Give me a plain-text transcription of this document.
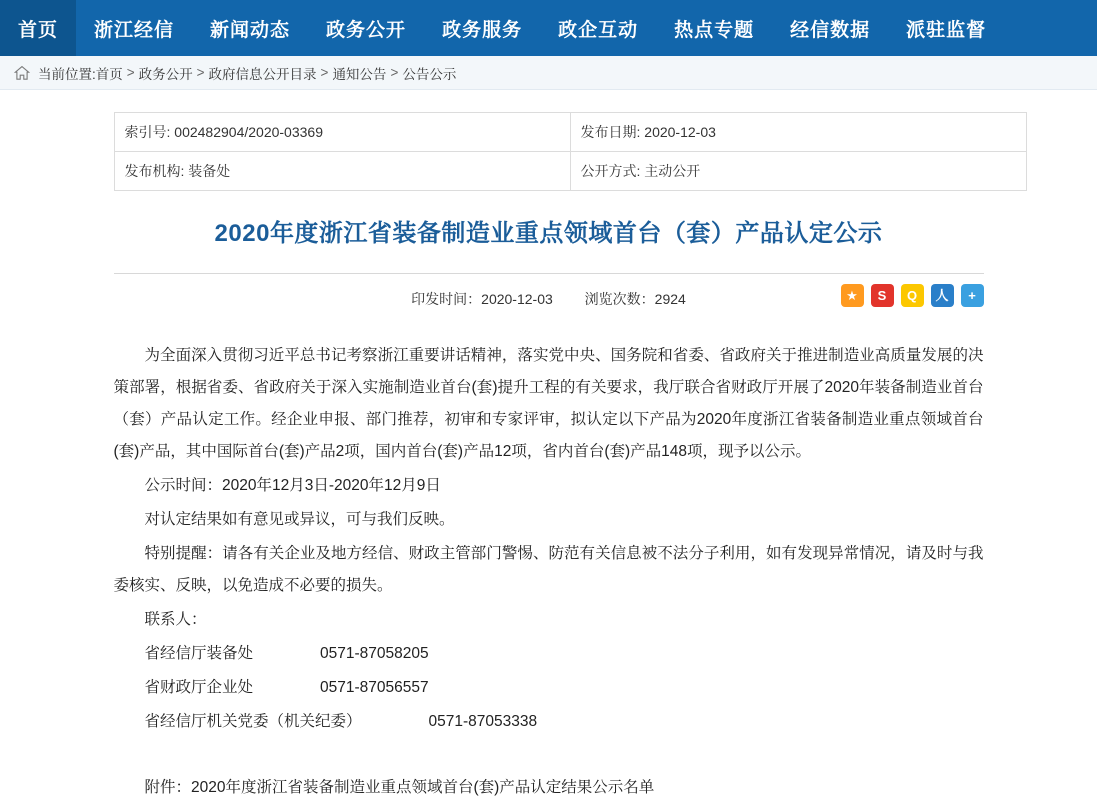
首页 浙江经信 新闻动态 政务公开 政务服务 政企互动 热点专题 经信数据 派驻监督
当前位置: 首页 > 政务公开 > 政府信息公开目录 > 通知公告 > 公告公示
索引号: 002482904/2020-03369	发布日期: 2020-12-03
发布机构: 装备处	公开方式: 主动公开
2020年度浙江省装备制造业重点领域首台（套）产品认定公示
印发时间：2020-12-03 浏览次数：2924	★	S	Q	人	+

为全面深入贯彻习近平总书记考察浙江重要讲话精神，落实党中央、国务院和省委、省政府关于推进制造业高质量发展的决策部署，根据省委、省政府关于深入实施制造业首台(套)提升工程的有关要求，我厅联合省财政厅开展了2020年装备制造业首台（套）产品认定工作。经企业申报、部门推荐，初审和专家评审，拟认定以下产品为2020年度浙江省装备制造业重点领域首台(套)产品，其中国际首台(套)产品2项，国内首台(套)产品12项，省内首台(套)产品148项，现予以公示。

公示时间：2020年12月3日-2020年12月9日

对认定结果如有意见或异议，可与我们反映。

特别提醒：请各有关企业及地方经信、财政主管部门警惕、防范有关信息被不法分子利用，如有发现异常情况，请及时与我委核实、反映，以免造成不必要的损失。

联系人：

省经信厅装备处	0571-87058205

省财政厅企业处	0571-87056557

省经信厅机关党委（机关纪委）	0571-87053338

附件：2020年度浙江省装备制造业重点领域首台(套)产品认定结果公示名单
